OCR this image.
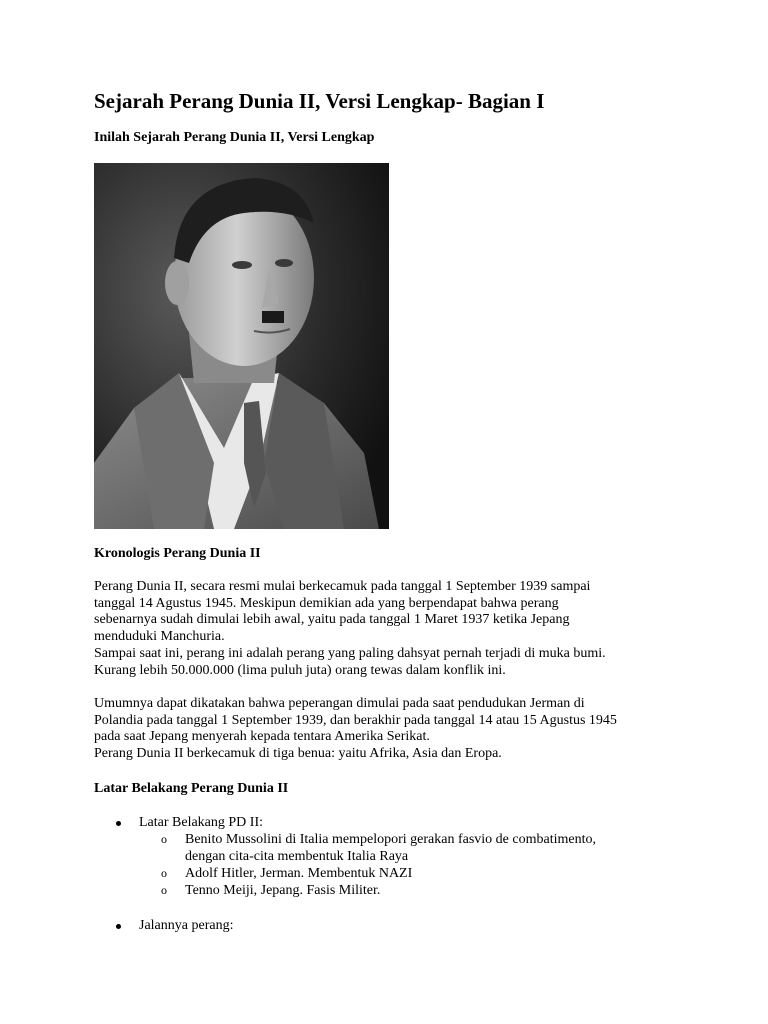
Sejarah Perang Dunia II, Versi Lengkap- Bagian I

Inilah Sejarah Perang Dunia II, Versi Lengkap

Kronologis Perang Dunia II

Perang Dunia II, secara resmi mulai berkecamuk pada tanggal 1 September 1939 sampai
tanggal 14 Agustus 1945. Meskipun demikian ada yang berpendapat bahwa perang
sebenarnya sudah dimulai lebih awal, yaitu pada tanggal 1 Maret 1937 ketika Jepang
menduduki Manchuria.
Sampai saat ini, perang ini adalah perang yang paling dahsyat pernah terjadi di muka bumi.
Kurang lebih 50.000.000 (lima puluh juta) orang tewas dalam konflik ini.

Umumnya dapat dikatakan bahwa peperangan dimulai pada saat pendudukan Jerman di
Polandia pada tanggal 1 September 1939, dan berakhir pada tanggal 14 atau 15 Agustus 1945
pada saat Jepang menyerah kepada tentara Amerika Serikat.
Perang Dunia II berkecamuk di tiga benua: yaitu Afrika, Asia dan Eropa.

Latar Belakang Perang Dunia II

Latar Belakang PD II:
o Benito Mussolini di Italia mempelopori gerakan fasvio de combatimento,
dengan cita-cita membentuk Italia Raya
o Adolf Hitler, Jerman. Membentuk NAZI
o Tenno Meiji, Jepang. Fasis Militer.
Jalannya perang:
